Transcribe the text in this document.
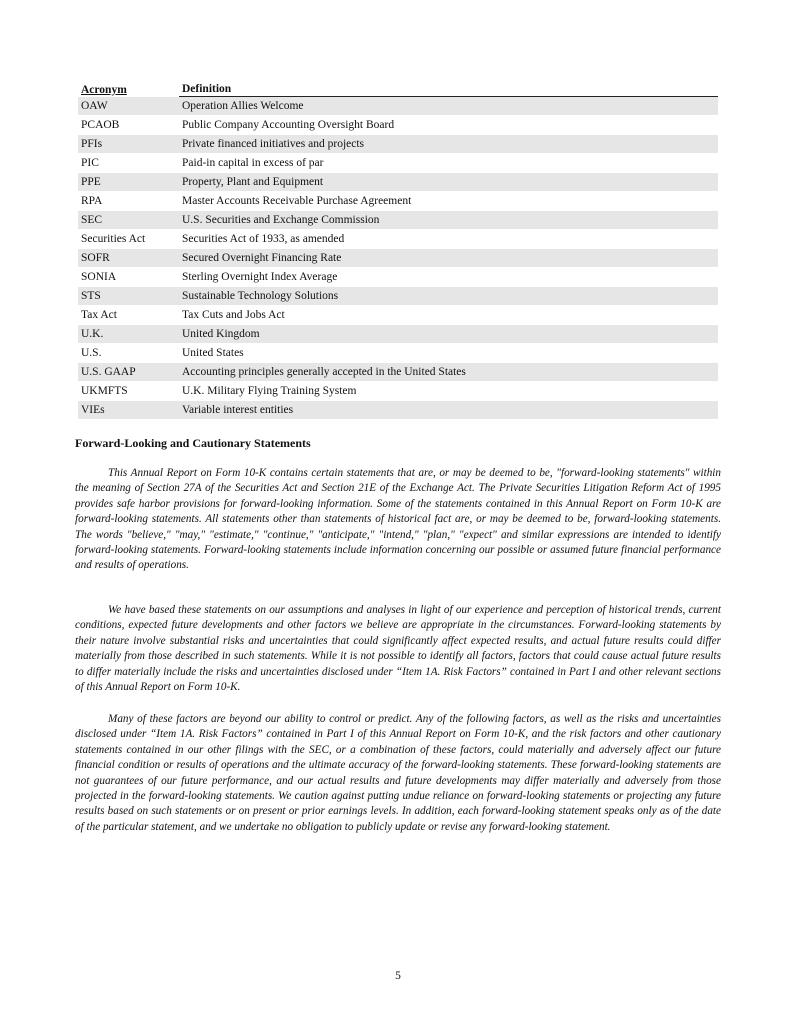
Acronym	Definition
OAW	Operation Allies Welcome
PCAOB	Public Company Accounting Oversight Board
PFIs	Private financed initiatives and projects
PIC	Paid-in capital in excess of par
PPE	Property, Plant and Equipment
RPA	Master Accounts Receivable Purchase Agreement
SEC	U.S. Securities and Exchange Commission
Securities Act	Securities Act of 1933, as amended
SOFR	Secured Overnight Financing Rate
SONIA	Sterling Overnight Index Average
STS	Sustainable Technology Solutions
Tax Act	Tax Cuts and Jobs Act
U.K.	United Kingdom
U.S.	United States
U.S. GAAP	Accounting principles generally accepted in the United States
UKMFTS	U.K. Military Flying Training System
VIEs	Variable interest entities
Forward-Looking and Cautionary Statements

This Annual Report on Form 10-K contains certain statements that are, or may be deemed to be, "forward-looking statements" within the meaning of Section 27A of the Securities Act and Section 21E of the Exchange Act. The Private Securities Litigation Reform Act of 1995 provides safe harbor provisions for forward-looking information. Some of the statements contained in this Annual Report on Form 10-K are forward-looking statements. All statements other than statements of historical fact are, or may be deemed to be, forward-looking statements. The words "believe," "may," "estimate," "continue," "anticipate," "intend," "plan," "expect" and similar expressions are intended to identify forward-looking statements. Forward-looking statements include information concerning our possible or assumed future financial performance and results of operations.

We have based these statements on our assumptions and analyses in light of our experience and perception of historical trends, current conditions, expected future developments and other factors we believe are appropriate in the circumstances. Forward-looking statements by their nature involve substantial risks and uncertainties that could significantly affect expected results, and actual future results could differ materially from those described in such statements. While it is not possible to identify all factors, factors that could cause actual future results to differ materially include the risks and uncertainties disclosed under “Item 1A. Risk Factors” contained in Part I and other relevant sections of this Annual Report on Form 10-K.

Many of these factors are beyond our ability to control or predict. Any of the following factors, as well as the risks and uncertainties disclosed under “Item 1A. Risk Factors” contained in Part I of this Annual Report on Form 10-K, and the risk factors and other cautionary statements contained in our other filings with the SEC, or a combination of these factors, could materially and adversely affect our future financial condition or results of operations and the ultimate accuracy of the forward-looking statements. These forward-looking statements are not guarantees of our future performance, and our actual results and future developments may differ materially and adversely from those projected in the forward-looking statements. We caution against putting undue reliance on forward-looking statements or projecting any future results based on such statements or on present or prior earnings levels. In addition, each forward-looking statement speaks only as of the date of the particular statement, and we undertake no obligation to publicly update or revise any forward-looking statement.

5
